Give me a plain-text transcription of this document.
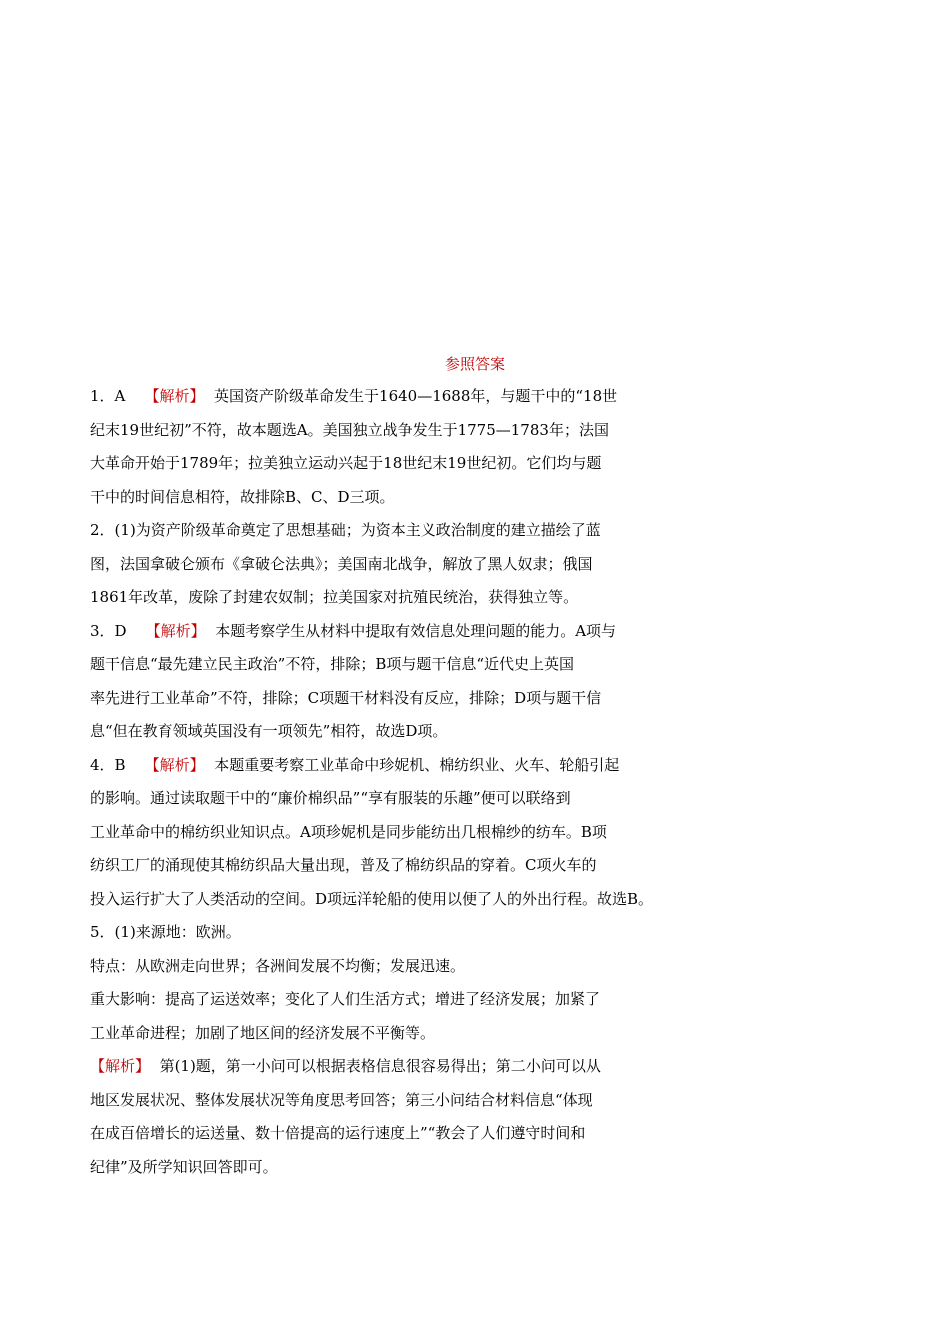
参照答案
1．A 【解析】 英国资产阶级革命发生于1640—1688年，与题干中的“18世
纪末19世纪初”不符，故本题选A。美国独立战争发生于1775—1783年；法国
大革命开始于1789年；拉美独立运动兴起于18世纪末19世纪初。它们均与题
干中的时间信息相符，故排除B、C、D三项。
2．(1)为资产阶级革命奠定了思想基础；为资本主义政治制度的建立描绘了蓝
图，法国拿破仑颁布《拿破仑法典》；美国南北战争，解放了黑人奴隶；俄国
1861年改革，废除了封建农奴制；拉美国家对抗殖民统治，获得独立等。
3．D 【解析】 本题考察学生从材料中提取有效信息处理问题的能力。A项与
题干信息“最先建立民主政治”不符，排除；B项与题干信息“近代史上英国
率先进行工业革命”不符，排除；C项题干材料没有反应，排除；D项与题干信
息“但在教育领域英国没有一项领先”相符，故选D项。
4．B 【解析】 本题重要考察工业革命中珍妮机、棉纺织业、火车、轮船引起
的影响。通过读取题干中的“廉价棉织品”“享有服装的乐趣”便可以联络到
工业革命中的棉纺织业知识点。A项珍妮机是同步能纺出几根棉纱的纺车。B项
纺织工厂的涌现使其棉纺织品大量出现，普及了棉纺织品的穿着。C项火车的
投入运行扩大了人类活动的空间。D项远洋轮船的使用以便了人的外出行程。故选B。
5．(1)来源地：欧洲。
特点：从欧洲走向世界；各洲间发展不均衡；发展迅速。
重大影响：提高了运送效率；变化了人们生活方式；增进了经济发展；加紧了
工业革命进程；加剧了地区间的经济发展不平衡等。
【解析】 第(1)题，第一小问可以根据表格信息很容易得出；第二小问可以从
地区发展状况、整体发展状况等角度思考回答；第三小问结合材料信息“体现
在成百倍增长的运送量、数十倍提高的运行速度上”“教会了人们遵守时间和
纪律”及所学知识回答即可。
